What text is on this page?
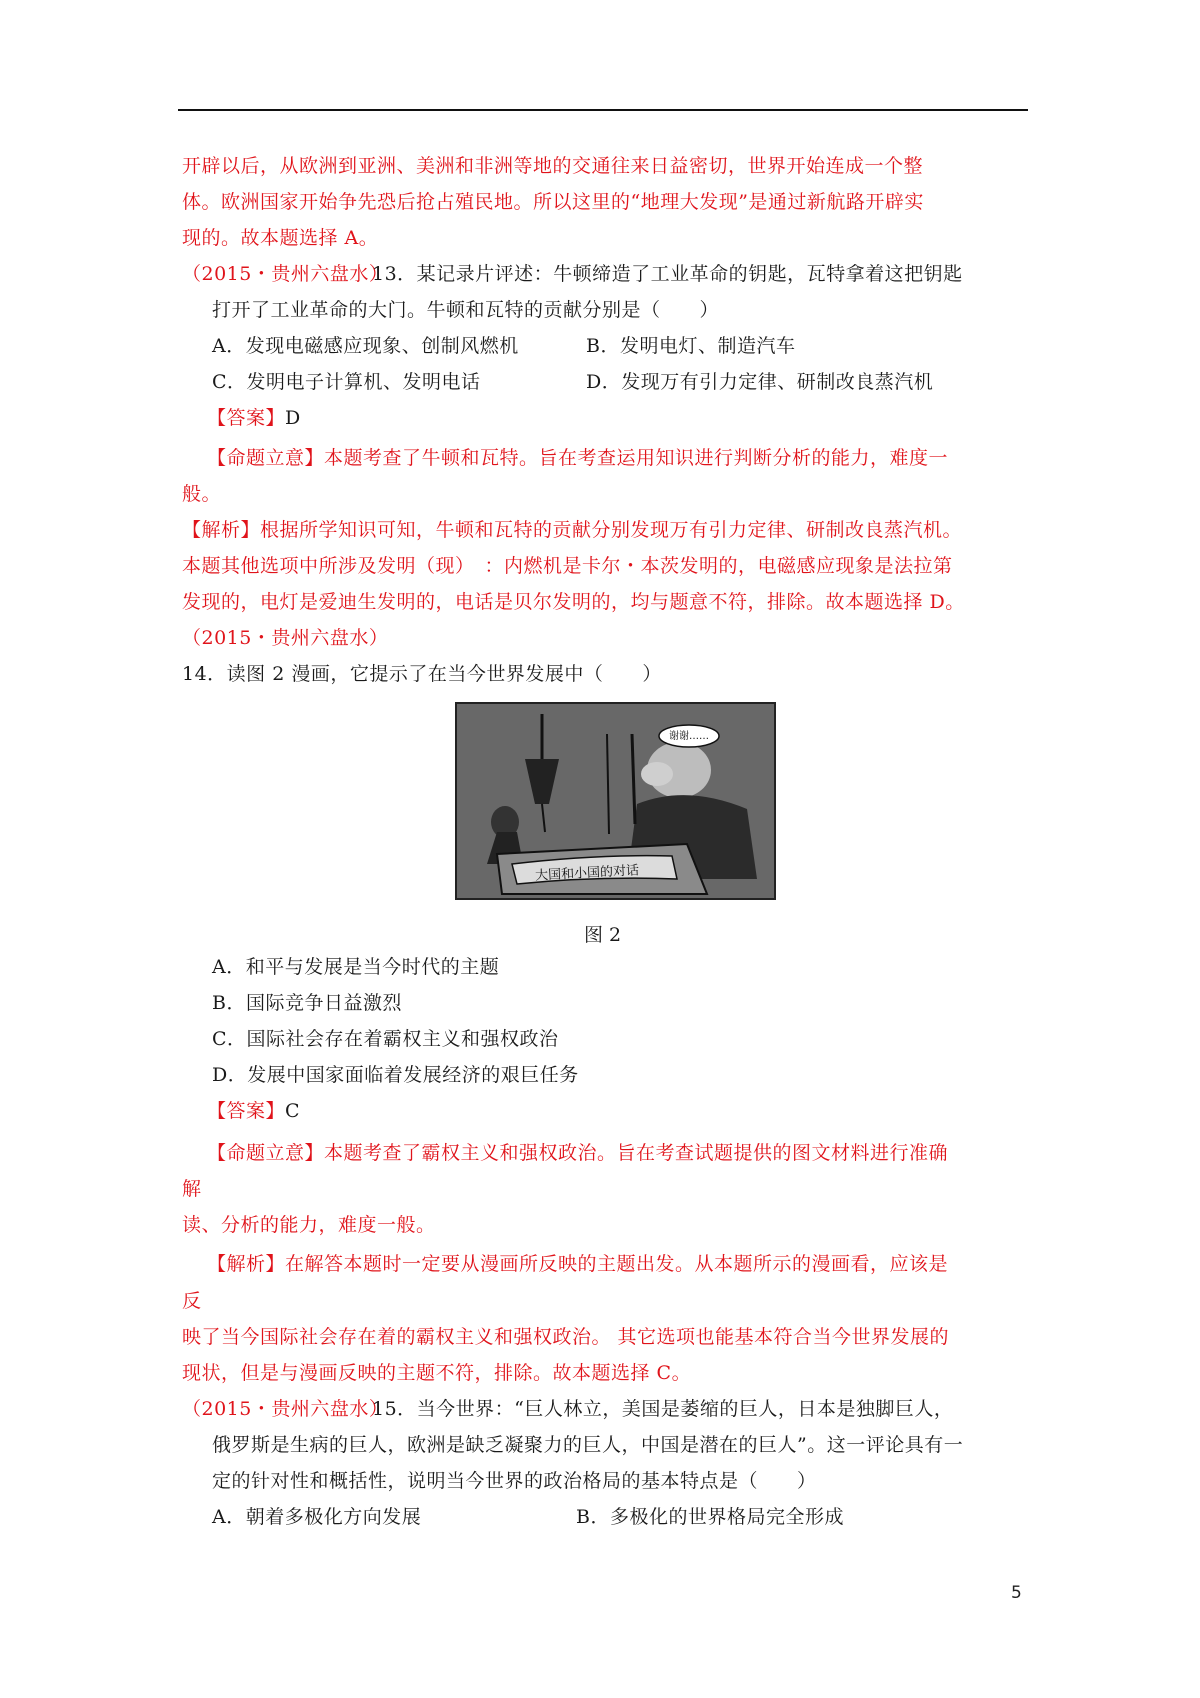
开辟以后，从欧洲到亚洲、美洲和非洲等地的交通往来日益密切，世界开始连成一个整
体。欧洲国家开始争先恐后抢占殖民地。所以这里的“地理大发现”是通过新航路开辟实
现的。故本题选择 A。
（2015・贵州六盘水）
13．某记录片评述：牛顿缔造了工业革命的钥匙，瓦特拿着这把钥匙
打开了工业革命的大门。牛顿和瓦特的贡献分别是（　　）
A．发现电磁感应现象、创制风燃机	B．发明电灯、制造汽车
C．发明电子计算机、发明电话	D．发现万有引力定律、研制改良蒸汽机
【答案】 D
【命题立意】本题考查了牛顿和瓦特。旨在考查运用知识进行判断分析的能力，难度一
般。
【解析】根据所学知识可知，牛顿和瓦特的贡献分别发现万有引力定律、研制改良蒸汽机。
本题其他选项中所涉及发明（现）　：内燃机是卡尔・本茨发明的，电磁感应现象是法拉第
发现的，电灯是爱迪生发明的，电话是贝尔发明的，均与题意不符，排除。故本题选择 D。
（2015・贵州六盘水）
14．读图 2 漫画，它提示了在当今世界发展中（　　）
谢谢……
大国和小国的对话
图 2
A．和平与发展是当今时代的主题
B．国际竞争日益激烈
C．国际社会存在着霸权主义和强权政治
D．发展中国家面临着发展经济的艰巨任务
【答案】 C
【命题立意】本题考查了霸权主义和强权政治。旨在考查试题提供的图文材料进行准确
解
读、分析的能力，难度一般。
【解析】在解答本题时一定要从漫画所反映的主题出发。从本题所示的漫画看，应该是
反
映了当今国际社会存在着的霸权主义和强权政治。 其它选项也能基本符合当今世界发展的
现状，但是与漫画反映的主题不符，排除。故本题选择 C。
（2015・贵州六盘水）
15．当今世界：“巨人林立，美国是萎缩的巨人，日本是独脚巨人，
俄罗斯是生病的巨人，欧洲是缺乏凝聚力的巨人，中国是潜在的巨人”。这一评论具有一
定的针对性和概括性，说明当今世界的政治格局的基本特点是（　　）
A．朝着多极化方向发展	B．多极化的世界格局完全形成
5
